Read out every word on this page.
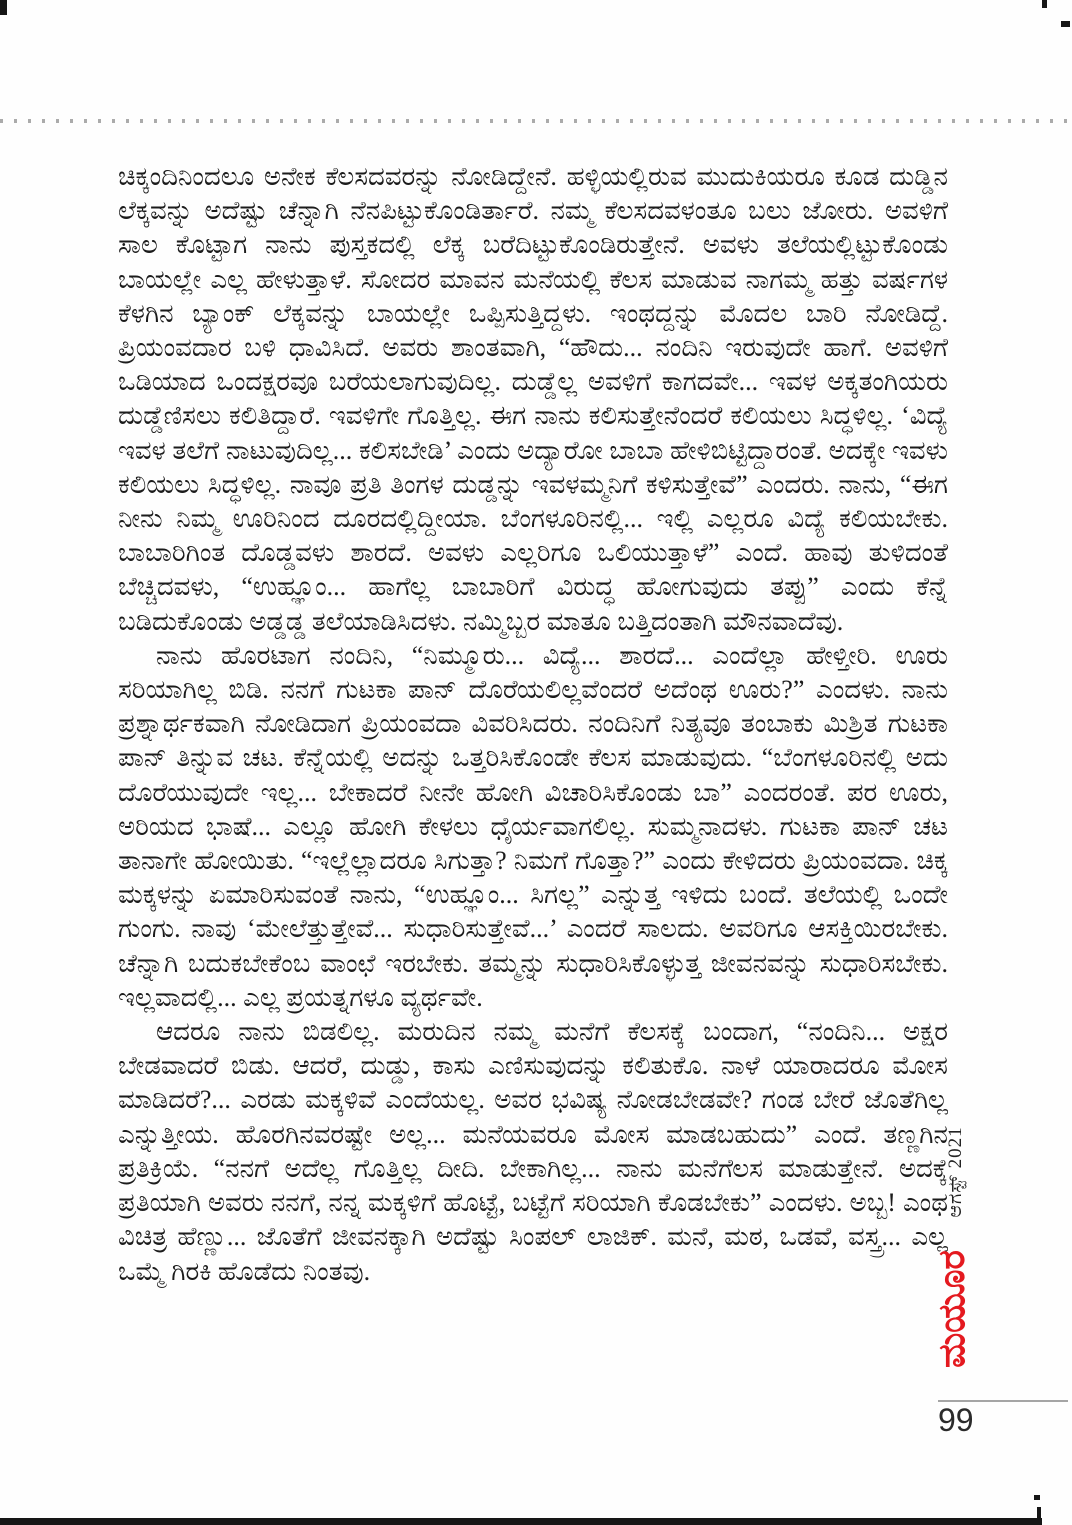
ಚಿಕ್ಕಂದಿನಿಂದಲೂ ಅನೇಕ ಕೆಲಸದವರನ್ನು ನೋಡಿದ್ದೇನೆ. ಹಳ್ಳಿಯಲ್ಲಿರುವ ಮುದುಕಿಯರೂ ಕೂಡ ದುಡ್ಡಿನ ಲೆಕ್ಕವನ್ನು ಅದೆಷ್ಟು ಚೆನ್ನಾಗಿ ನೆನಪಿಟ್ಟುಕೊಂಡಿರ್ತಾರೆ. ನಮ್ಮ ಕೆಲಸದವಳಂತೂ ಬಲು ಜೋರು. ಅವಳಿಗೆ ಸಾಲ ಕೊಟ್ಟಾಗ ನಾನು ಪುಸ್ತಕದಲ್ಲಿ ಲೆಕ್ಕ ಬರೆದಿಟ್ಟುಕೊಂಡಿರುತ್ತೇನೆ. ಅವಳು ತಲೆಯಲ್ಲಿಟ್ಟುಕೊಂಡು ಬಾಯಲ್ಲೇ ಎಲ್ಲ ಹೇಳುತ್ತಾಳೆ. ಸೋದರ ಮಾವನ ಮನೆಯಲ್ಲಿ ಕೆಲಸ ಮಾಡುವ ನಾಗಮ್ಮ ಹತ್ತು ವರ್ಷಗಳ ಕೆಳಗಿನ ಬ್ಯಾಂಕ್ ಲೆಕ್ಕವನ್ನು ಬಾಯಲ್ಲೇ ಒಪ್ಪಿಸುತ್ತಿದ್ದಳು. ಇಂಥದ್ದನ್ನು ಮೊದಲ ಬಾರಿ ನೋಡಿದ್ದೆ. ಪ್ರಿಯಂವದಾರ ಬಳಿ ಧಾವಿಸಿದೆ. ಅವರು ಶಾಂತವಾಗಿ, “ಹೌದು... ನಂದಿನಿ ಇರುವುದೇ ಹಾಗೆ. ಅವಳಿಗೆ ಒಡಿಯಾದ ಒಂದಕ್ಷರವೂ ಬರೆಯಲಾಗುವುದಿಲ್ಲ. ದುಡ್ಡೆಲ್ಲ ಅವಳಿಗೆ ಕಾಗದವೇ... ಇವಳ ಅಕ್ಕತಂಗಿಯರು ದುಡ್ಡೆಣಿಸಲು ಕಲಿತಿದ್ದಾರೆ. ಇವಳಿಗೇ ಗೊತ್ತಿಲ್ಲ. ಈಗ ನಾನು ಕಲಿಸುತ್ತೇನೆಂದರೆ ಕಲಿಯಲು ಸಿದ್ಧಳಿಲ್ಲ. ‘ವಿದ್ಯೆ ಇವಳ ತಲೆಗೆ ನಾಟುವುದಿಲ್ಲ... ಕಲಿಸಬೇಡಿ’ ಎಂದು ಅದ್ಯಾರೋ ಬಾಬಾ ಹೇಳಿಬಿಟ್ಟಿದ್ದಾರಂತೆ. ಅದಕ್ಕೇ ಇವಳು ಕಲಿಯಲು ಸಿದ್ಧಳಿಲ್ಲ. ನಾವೂ ಪ್ರತಿ ತಿಂಗಳ ದುಡ್ಡನ್ನು ಇವಳಮ್ಮನಿಗೆ ಕಳಿಸುತ್ತೇವೆ” ಎಂದರು. ನಾನು, “ಈಗ ನೀನು ನಿಮ್ಮ ಊರಿನಿಂದ ದೂರದಲ್ಲಿದ್ದೀಯಾ. ಬೆಂಗಳೂರಿನಲ್ಲಿ... ಇಲ್ಲಿ ಎಲ್ಲರೂ ವಿದ್ಯೆ ಕಲಿಯಬೇಕು. ಬಾಬಾರಿಗಿಂತ ದೊಡ್ಡವಳು ಶಾರದೆ. ಅವಳು ಎಲ್ಲರಿಗೂ ಒಲಿಯುತ್ತಾಳೆ” ಎಂದೆ. ಹಾವು ತುಳಿದಂತೆ ಬೆಚ್ಚಿದವಳು, “ಉಹ್ಞೂಂ... ಹಾಗೆಲ್ಲ ಬಾಬಾರಿಗೆ ವಿರುದ್ಧ ಹೋಗುವುದು ತಪ್ಪು” ಎಂದು ಕೆನ್ನೆ ಬಡಿದುಕೊಂಡು ಅಡ್ಡಡ್ಡ ತಲೆಯಾಡಿಸಿದಳು. ನಮ್ಮಿಬ್ಬರ ಮಾತೂ ಬತ್ತಿದಂತಾಗಿ ಮೌನವಾದೆವು.

ನಾನು ಹೊರಟಾಗ ನಂದಿನಿ, “ನಿಮ್ಮೂರು... ವಿದ್ಯೆ... ಶಾರದೆ... ಎಂದೆಲ್ಲಾ ಹೇಳ್ತೀರಿ. ಊರು ಸರಿಯಾಗಿಲ್ಲ ಬಿಡಿ. ನನಗೆ ಗುಟಕಾ ಪಾನ್ ದೊರೆಯಲಿಲ್ಲವೆಂದರೆ ಅದೆಂಥ ಊರು?” ಎಂದಳು. ನಾನು ಪ್ರಶ್ನಾರ್ಥಕವಾಗಿ ನೋಡಿದಾಗ ಪ್ರಿಯಂವದಾ ವಿವರಿಸಿದರು. ನಂದಿನಿಗೆ ನಿತ್ಯವೂ ತಂಬಾಕು ಮಿಶ್ರಿತ ಗುಟಕಾ ಪಾನ್ ತಿನ್ನುವ ಚಟ. ಕೆನ್ನೆಯಲ್ಲಿ ಅದನ್ನು ಒತ್ತರಿಸಿಕೊಂಡೇ ಕೆಲಸ ಮಾಡುವುದು. “ಬೆಂಗಳೂರಿನಲ್ಲಿ ಅದು ದೊರೆಯುವುದೇ ಇಲ್ಲ... ಬೇಕಾದರೆ ನೀನೇ ಹೋಗಿ ವಿಚಾರಿಸಿಕೊಂಡು ಬಾ” ಎಂದರಂತೆ. ಪರ ಊರು, ಅರಿಯದ ಭಾಷೆ... ಎಲ್ಲೂ ಹೋಗಿ ಕೇಳಲು ಧೈರ್ಯವಾಗಲಿಲ್ಲ. ಸುಮ್ಮನಾದಳು. ಗುಟಕಾ ಪಾನ್ ಚಟ ತಾನಾಗೇ ಹೋಯಿತು. “ಇಲ್ಲೆಲ್ಲಾದರೂ ಸಿಗುತ್ತಾ? ನಿಮಗೆ ಗೊತ್ತಾ?” ಎಂದು ಕೇಳಿದರು ಪ್ರಿಯಂವದಾ. ಚಿಕ್ಕ ಮಕ್ಕಳನ್ನು ಏಮಾರಿಸುವಂತೆ ನಾನು, “ಉಹ್ಞೂಂ... ಸಿಗಲ್ಲ” ಎನ್ನುತ್ತ ಇಳಿದು ಬಂದೆ. ತಲೆಯಲ್ಲಿ ಒಂದೇ ಗುಂಗು. ನಾವು ‘ಮೇಲೆತ್ತುತ್ತೇವೆ... ಸುಧಾರಿಸುತ್ತೇವೆ...’ ಎಂದರೆ ಸಾಲದು. ಅವರಿಗೂ ಆಸಕ್ತಿಯಿರಬೇಕು. ಚೆನ್ನಾಗಿ ಬದುಕಬೇಕೆಂಬ ವಾಂಛೆ ಇರಬೇಕು. ತಮ್ಮನ್ನು ಸುಧಾರಿಸಿಕೊಳ್ಳುತ್ತ ಜೀವನವನ್ನು ಸುಧಾರಿಸಬೇಕು. ಇಲ್ಲವಾದಲ್ಲಿ... ಎಲ್ಲ ಪ್ರಯತ್ನಗಳೂ ವ್ಯರ್ಥವೇ.

ಆದರೂ ನಾನು ಬಿಡಲಿಲ್ಲ. ಮರುದಿನ ನಮ್ಮ ಮನೆಗೆ ಕೆಲಸಕ್ಕೆ ಬಂದಾಗ, “ನಂದಿನಿ... ಅಕ್ಷರ ಬೇಡವಾದರೆ ಬಿಡು. ಆದರೆ, ದುಡ್ಡು, ಕಾಸು ಎಣಿಸುವುದನ್ನು ಕಲಿತುಕೊ. ನಾಳೆ ಯಾರಾದರೂ ಮೋಸ ಮಾಡಿದರೆ?... ಎರಡು ಮಕ್ಕಳಿವೆ ಎಂದೆಯಲ್ಲ. ಅವರ ಭವಿಷ್ಯ ನೋಡಬೇಡವೇ? ಗಂಡ ಬೇರೆ ಜೊತೆಗಿಲ್ಲ ಎನ್ನುತ್ತೀಯ. ಹೊರಗಿನವರಷ್ಟೇ ಅಲ್ಲ... ಮನೆಯವರೂ ಮೋಸ ಮಾಡಬಹುದು” ಎಂದೆ. ತಣ್ಣಗಿನ ಪ್ರತಿಕ್ರಿಯೆ. “ನನಗೆ ಅದೆಲ್ಲ ಗೊತ್ತಿಲ್ಲ ದೀದಿ. ಬೇಕಾಗಿಲ್ಲ... ನಾನು ಮನೆಗೆಲಸ ಮಾಡುತ್ತೇನೆ. ಅದಕ್ಕೆ ಪ್ರತಿಯಾಗಿ ಅವರು ನನಗೆ, ನನ್ನ ಮಕ್ಕಳಿಗೆ ಹೊಟ್ಟೆ, ಬಟ್ಟೆಗೆ ಸರಿಯಾಗಿ ಕೊಡಬೇಕು” ಎಂದಳು. ಅಬ್ಬ! ಎಂಥ ವಿಚಿತ್ರ ಹೆಣ್ಣು... ಜೊತೆಗೆ ಜೀವನಕ್ಕಾಗಿ ಅದೆಷ್ಟು ಸಿಂಪಲ್ ಲಾಜಿಕ್. ಮನೆ, ಮಠ, ಒಡವೆ, ವಸ್ತ್ರ... ಎಲ್ಲ ಒಮ್ಮೆ ಗಿರಕಿ ಹೊಡೆದು ನಿಂತವು.

ಆಗಸ್ಟ್ 2021
ಮಯೂರ
99
